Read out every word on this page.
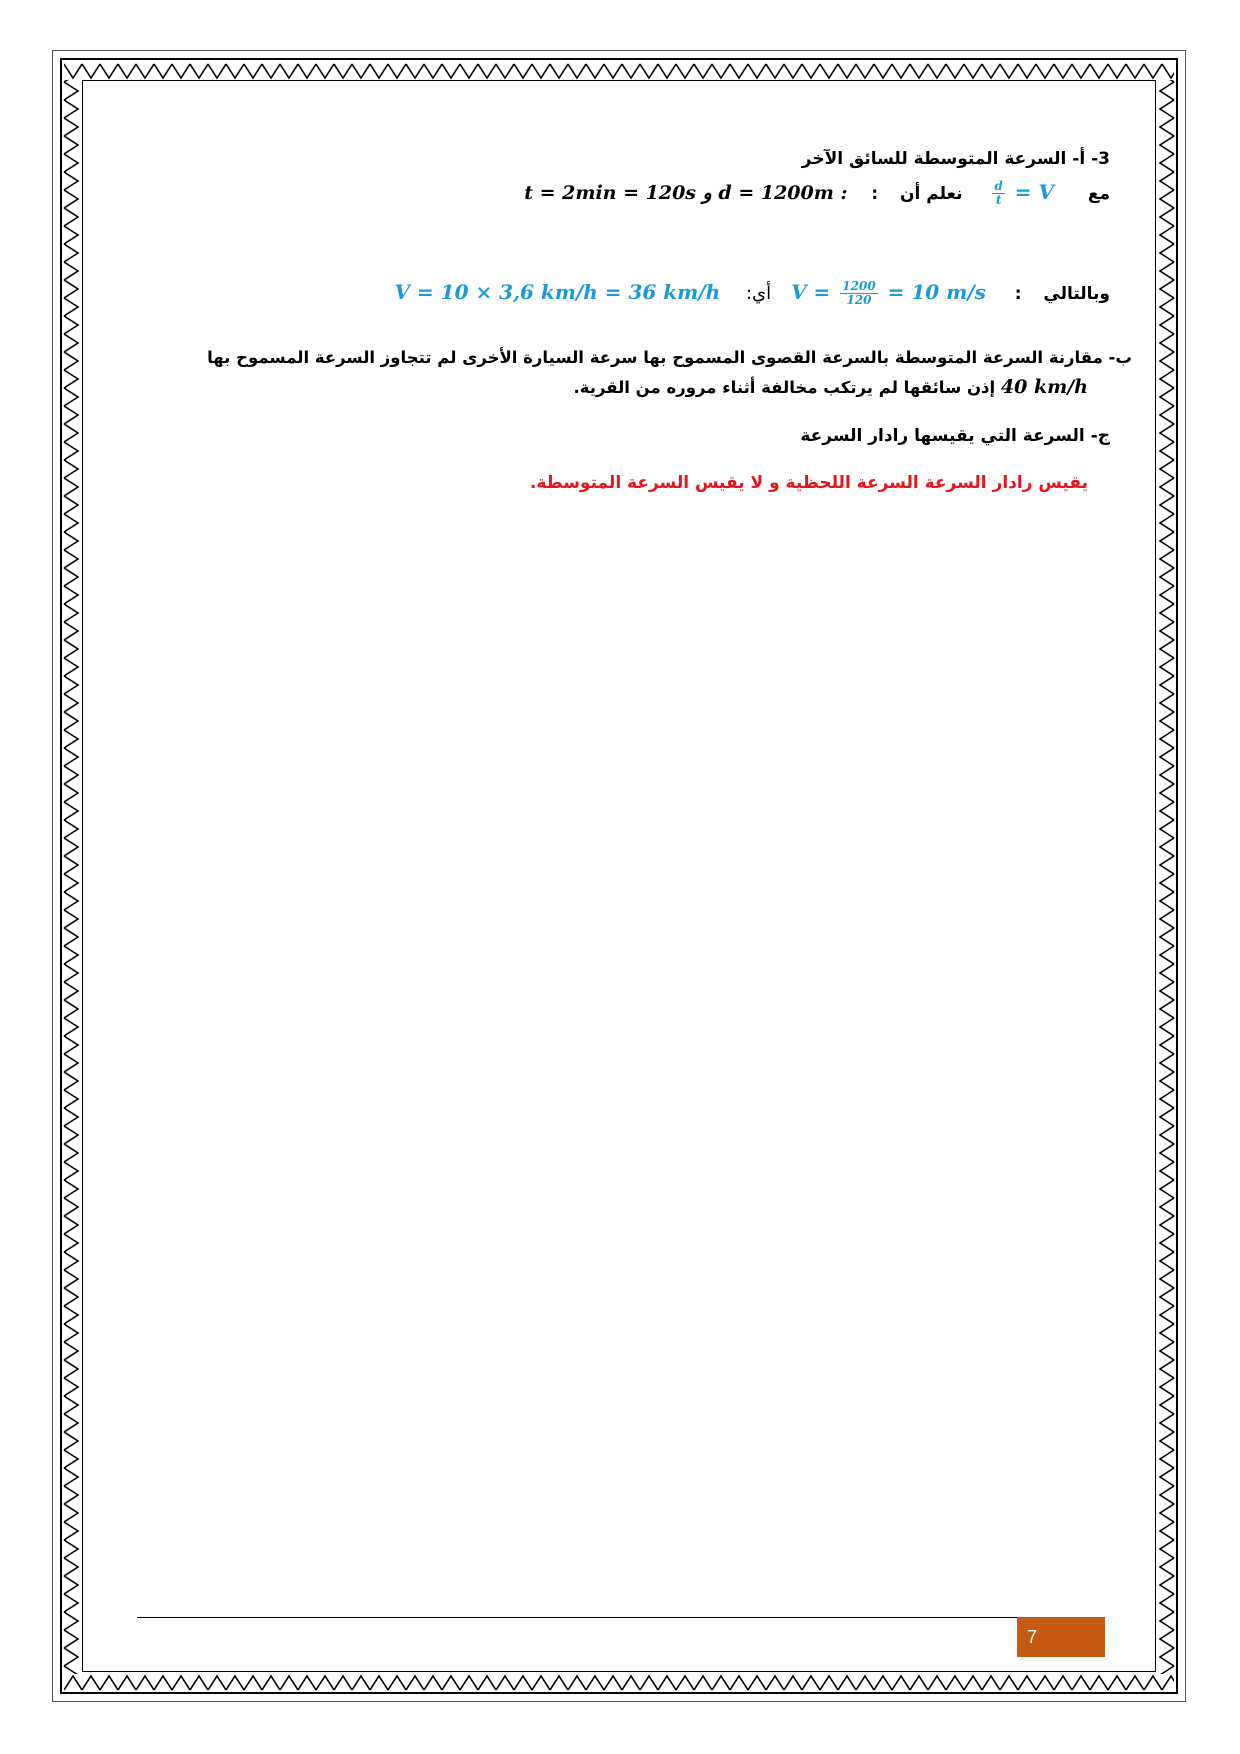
3- أ- السرعة المتوسطة للسائق الآخر
مع  V =
$\frac{d}{t}$
نعلم أن  :  t = 2min = 120s و d = 1200m :
وبالتالي  :  $V = \frac{1200}{120} = 10$ m/s  أي:  V = 10 × 3,6 km/h = 36 km/h
ب- مقارنة السرعة المتوسطة بالسرعة القصوى المسموح بها سرعة السيارة الأخرى لم تتجاوز السرعة المسموح بها
40 km/h إذن سائقها لم يرتكب مخالفة أثناء مروره من القرية.
ج- السرعة التي يقيسها رادار السرعة
يقيس رادار السرعة السرعة اللحظية و لا يقيس السرعة المتوسطة.
7
